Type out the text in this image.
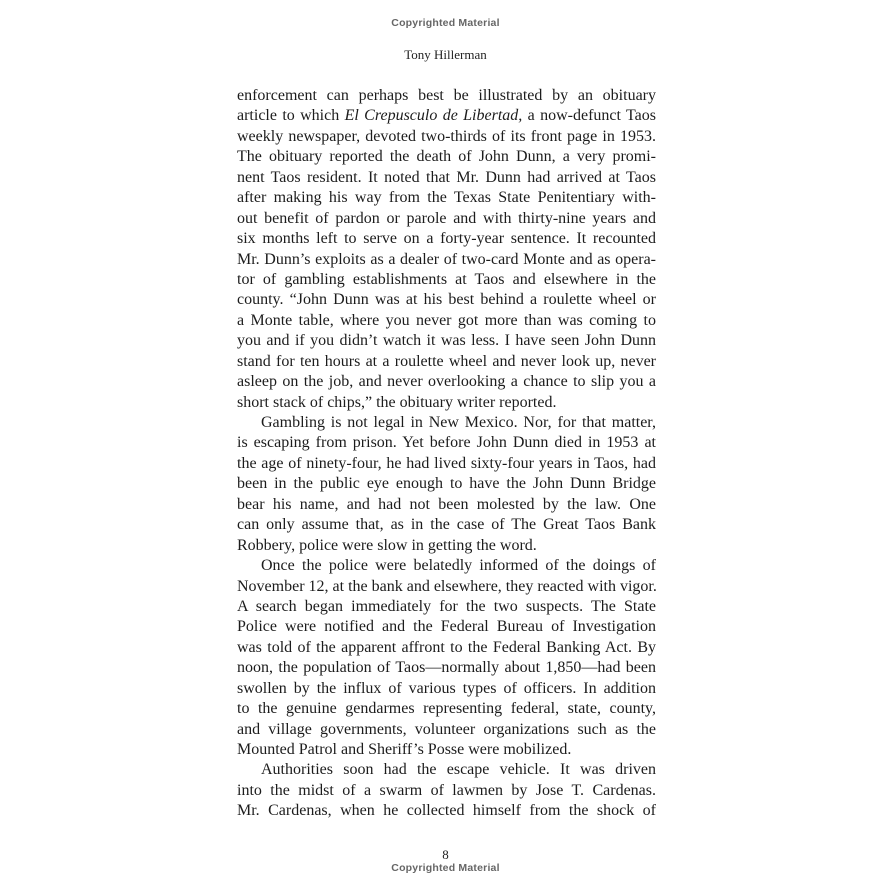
Copyrighted Material
Tony Hillerman
enforcement can perhaps best be illustrated by an obituary
article to which El Crepusculo de Libertad, a now-defunct Taos
weekly newspaper, devoted two-thirds of its front page in 1953.
The obituary reported the death of John Dunn, a very promi-
nent Taos resident. It noted that Mr. Dunn had arrived at Taos
after making his way from the Texas State Penitentiary with-
out benefit of pardon or parole and with thirty-nine years and
six months left to serve on a forty-year sentence. It recounted
Mr. Dunn’s exploits as a dealer of two-card Monte and as opera-
tor of gambling establishments at Taos and elsewhere in the
county. “John Dunn was at his best behind a roulette wheel or
a Monte table, where you never got more than was coming to
you and if you didn’t watch it was less. I have seen John Dunn
stand for ten hours at a roulette wheel and never look up, never
asleep on the job, and never overlooking a chance to slip you a
short stack of chips,” the obituary writer reported.
Gambling is not legal in New Mexico. Nor, for that matter,
is escaping from prison. Yet before John Dunn died in 1953 at
the age of ninety-four, he had lived sixty-four years in Taos, had
been in the public eye enough to have the John Dunn Bridge
bear his name, and had not been molested by the law. One
can only assume that, as in the case of The Great Taos Bank
Robbery, police were slow in getting the word.
Once the police were belatedly informed of the doings of
November 12, at the bank and elsewhere, they reacted with vigor.
A search began immediately for the two suspects. The State
Police were notified and the Federal Bureau of Investigation
was told of the apparent affront to the Federal Banking Act. By
noon, the population of Taos—normally about 1,850—had been
swollen by the influx of various types of officers. In addition
to the genuine gendarmes representing federal, state, county,
and village governments, volunteer organizations such as the
Mounted Patrol and Sheriff’s Posse were mobilized.
Authorities soon had the escape vehicle. It was driven
into the midst of a swarm of lawmen by Jose T. Cardenas.
Mr. Cardenas, when he collected himself from the shock of
8
Copyrighted Material
